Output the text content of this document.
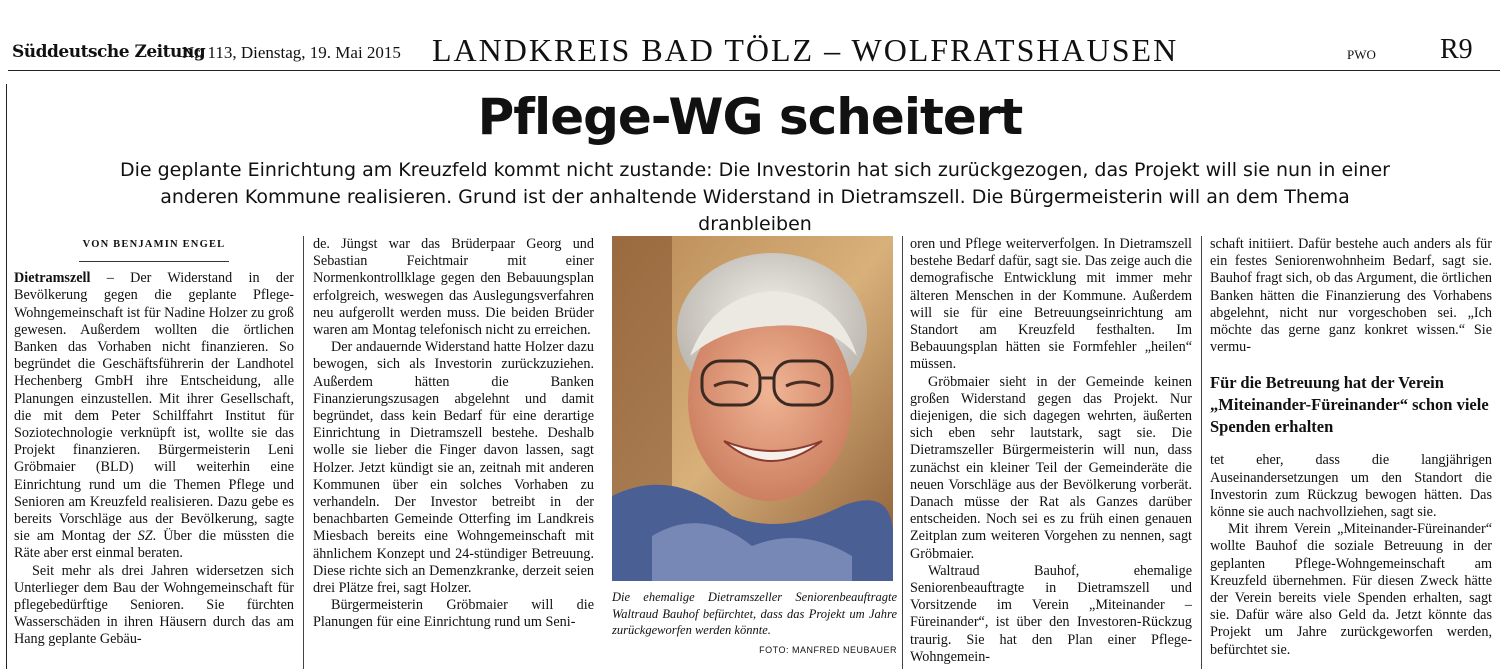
Süddeutsche Zeitung
Nr. 113, Dienstag, 19. Mai 2015 LANDKREIS BAD TÖLZ – WOLFRATSHAUSEN	PWO R9
Pflege-WG scheitert
Die geplante Einrichtung am Kreuzfeld kommt nicht zustande: Die Investorin hat sich zurückgezogen, das Projekt will sie nun in einer anderen Kommune realisieren. Grund ist der anhaltende Widerstand in Dietramszell. Die Bürgermeisterin will an dem Thema dranbleiben
VON BENJAMIN ENGEL

Dietramszell – Der Widerstand in der Bevölkerung gegen die geplante Pflege-Wohngemeinschaft ist für Nadine Holzer zu groß gewesen. Außerdem wollten die örtlichen Banken das Vorhaben nicht finanzieren. So begründet die Geschäftsführerin der Landhotel Hechenberg GmbH ihre Entscheidung, alle Planungen einzustellen. Mit ihrer Gesellschaft, die mit dem Peter Schilffahrt Institut für Soziotechnologie verknüpft ist, wollte sie das Projekt finanzieren. Bürgermeisterin Leni Gröbmaier (BLD) will weiterhin eine Einrichtung rund um die Themen Pflege und Senioren am Kreuzfeld realisieren. Dazu gebe es bereits Vorschläge aus der Bevölkerung, sagte sie am Montag der SZ. Über die müssten die Räte aber erst einmal beraten.

Seit mehr als drei Jahren widersetzen sich Unterlieger dem Bau der Wohngemeinschaft für pflegebedürftige Senioren. Sie fürchten Wasserschäden in ihren Häusern durch das am Hang geplante Gebäu-

de. Jüngst war das Brüderpaar Georg und Sebastian Feichtmair mit einer Normenkontrollklage gegen den Bebauungsplan erfolgreich, weswegen das Auslegungsverfahren neu aufgerollt werden muss. Die beiden Brüder waren am Montag telefonisch nicht zu erreichen.

Der andauernde Widerstand hatte Holzer dazu bewogen, sich als Investorin zurückzuziehen. Außerdem hätten die Banken Finanzierungszusagen abgelehnt und damit begründet, dass kein Bedarf für eine derartige Einrichtung in Dietramszell bestehe. Deshalb wolle sie lieber die Finger davon lassen, sagt Holzer. Jetzt kündigt sie an, zeitnah mit anderen Kommunen über ein solches Vorhaben zu verhandeln. Der Investor betreibt in der benachbarten Gemeinde Otterfing im Landkreis Miesbach bereits eine Wohngemeinschaft mit ähnlichem Konzept und 24-stündiger Betreuung. Diese richte sich an Demenzkranke, derzeit seien drei Plätze frei, sagt Holzer.

Bürgermeisterin Gröbmaier will die Planungen für eine Einrichtung rund um Seni-

Die ehemalige Dietramszeller Seniorenbeauftragte Waltraud Bauhof befürchtet, dass das Projekt um Jahre zurückgeworfen werden könnte.
FOTO: MANFRED NEUBAUER

oren und Pflege weiterverfolgen. In Dietramszell bestehe Bedarf dafür, sagt sie. Das zeige auch die demografische Entwicklung mit immer mehr älteren Menschen in der Kommune. Außerdem will sie für eine Betreuungseinrichtung am Standort am Kreuzfeld festhalten. Im Bebauungsplan hätten sie Formfehler „heilen“ müssen.

Gröbmaier sieht in der Gemeinde keinen großen Widerstand gegen das Projekt. Nur diejenigen, die sich dagegen wehrten, äußerten sich eben sehr lautstark, sagt sie. Die Dietramszeller Bürgermeisterin will nun, dass zunächst ein kleiner Teil der Gemeinderäte die neuen Vorschläge aus der Bevölkerung vorberät. Danach müsse der Rat als Ganzes darüber entscheiden. Noch sei es zu früh einen genauen Zeitplan zum weiteren Vorgehen zu nennen, sagt Gröbmaier.

Waltraud Bauhof, ehemalige Seniorenbeauftragte in Dietramszell und Vorsitzende im Verein „Miteinander – Füreinander“, ist über den Investoren-Rückzug traurig. Sie hat den Plan einer Pflege-Wohngemein-

schaft initiiert. Dafür bestehe auch anders als für ein festes Seniorenwohnheim Bedarf, sagt sie. Bauhof fragt sich, ob das Argument, die örtlichen Banken hätten die Finanzierung des Vorhabens abgelehnt, nicht nur vorgeschoben sei. „Ich möchte das gerne ganz konkret wissen.“ Sie vermu-

Für die Betreuung hat der Verein „Miteinander-Füreinander“ schon viele Spenden erhalten

tet eher, dass die langjährigen Auseinandersetzungen um den Standort die Investorin zum Rückzug bewogen hätten. Das könne sie auch nachvollziehen, sagt sie.

Mit ihrem Verein „Miteinander-Füreinander“ wollte Bauhof die soziale Betreuung in der geplanten Pflege-Wohngemeinschaft am Kreuzfeld übernehmen. Für diesen Zweck hätte der Verein bereits viele Spenden erhalten, sagt sie. Dafür wäre also Geld da. Jetzt könnte das Projekt um Jahre zurückgeworfen werden, befürchtet sie.
